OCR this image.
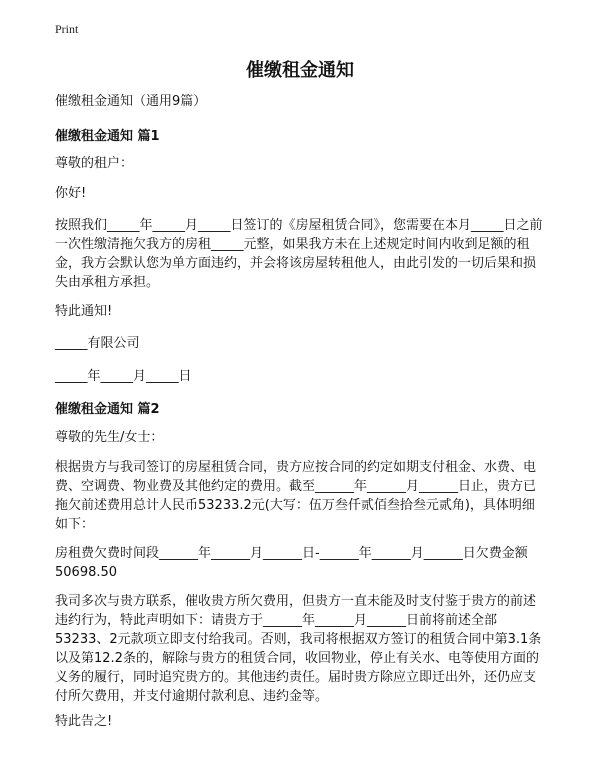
Print
催缴租金通知

催缴租金通知（通用9篇）

催缴租金通知 篇1

尊敬的租户：

你好!

按照我们_____年_____月_____日签订的《房屋租赁合同》，您需要在本月_____日之前一次性缴清拖欠我方的房租_____元整，如果我方未在上述规定时间内收到足额的租金，我方会默认您为单方面违约，并会将该房屋转租他人，由此引发的一切后果和损失由承租方承担。

特此通知!

_____有限公司

_____年_____月_____日

催缴租金通知 篇2

尊敬的先生/女士：

根据贵方与我司签订的房屋租赁合同，贵方应按合同的约定如期支付租金、水费、电费、空调费、物业费及其他约定的费用。截至______年______月______日止，贵方已拖欠前述费用总计人民币53233.2元(大写：伍万叁仟贰佰叁拾叁元贰角)，具体明细如下：

房租费欠费时间段______年______月______日-______年______月______日欠费金额50698.50

我司多次与贵方联系，催收贵方所欠费用，但贵方一直未能及时支付鉴于贵方的前述违约行为，特此声明如下：请贵方于______年______月______日前将前述全部53233、2元款项立即支付给我司。否则，我司将根据双方签订的租赁合同中第3.1条以及第12.2条的，解除与贵方的租赁合同，收回物业，停止有关水、电等使用方面的义务的履行，同时追究贵方的。其他违约责任。届时贵方除应立即迁出外，还仍应支付所欠费用，并支付逾期付款利息、违约金等。

特此告之!
